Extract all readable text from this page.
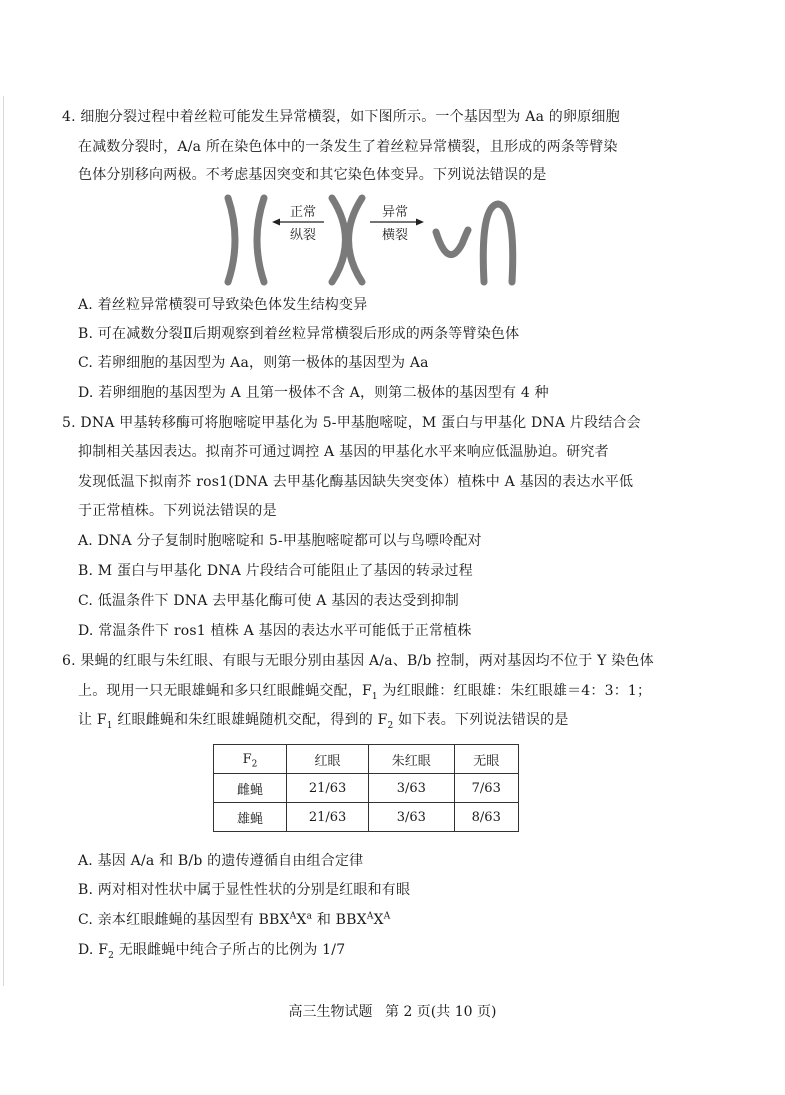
4. 细胞分裂过程中着丝粒可能发生异常横裂，如下图所示。一个基因型为 Aa 的卵原细胞
在减数分裂时，A/a 所在染色体中的一条发生了着丝粒异常横裂，且形成的两条等臂染
色体分别移向两极。不考虑基因突变和其它染色体变异。下列说法错误的是
正常
纵裂
异常
横裂
A. 着丝粒异常横裂可导致染色体发生结构变异
B. 可在减数分裂Ⅱ后期观察到着丝粒异常横裂后形成的两条等臂染色体
C. 若卵细胞的基因型为 Aa，则第一极体的基因型为 Aa
D. 若卵细胞的基因型为 A 且第一极体不含 A，则第二极体的基因型有 4 种
5. DNA 甲基转移酶可将胞嘧啶甲基化为 5-甲基胞嘧啶，M 蛋白与甲基化 DNA 片段结合会
抑制相关基因表达。拟南芥可通过调控 A 基因的甲基化水平来响应低温胁迫。研究者
发现低温下拟南芥 ros1(DNA 去甲基化酶基因缺失突变体）植株中 A 基因的表达水平低
于正常植株。下列说法错误的是
A. DNA 分子复制时胞嘧啶和 5-甲基胞嘧啶都可以与鸟嘌呤配对
B. M 蛋白与甲基化 DNA 片段结合可能阻止了基因的转录过程
C. 低温条件下 DNA 去甲基化酶可使 A 基因的表达受到抑制
D. 常温条件下 ros1 植株 A 基因的表达水平可能低于正常植株
6. 果蝇的红眼与朱红眼、有眼与无眼分别由基因 A/a、B/b 控制，两对基因均不位于 Y 染色体
上。现用一只无眼雄蝇和多只红眼雌蝇交配，$F_1$ 为红眼雌：红眼雄：朱红眼雄＝4：3：1；
让 $F_1$ 红眼雌蝇和朱红眼雄蝇随机交配，得到的 $F_2$ 如下表。下列说法错误的是
$F_2$	红眼	朱红眼	无眼
雌蝇	21/63	3/63	7/63
雄蝇	21/63	3/63	8/63
A. 基因 A/a 和 B/b 的遗传遵循自由组合定律
B. 两对相对性状中属于显性性状的分别是红眼和有眼
C. 亲本红眼雌蝇的基因型有 $BBX^AX^a$ 和 $BBX^AX^A$
D. $F_2$ 无眼雌蝇中纯合子所占的比例为 1/7
高三生物试题 第 2 页(共 10 页)
